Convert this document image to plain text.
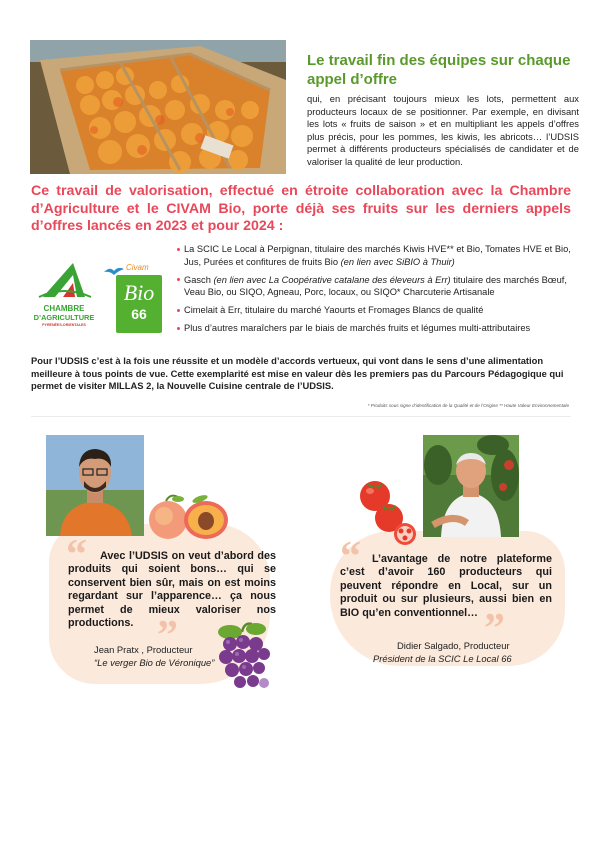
Le travail fin des équipes sur chaque appel d’offre
qui, en précisant toujours mieux les lots, permettent aux producteurs locaux de se positionner. Par exemple, en divisant les lots « fruits de saison » et en multipliant les appels d’offres plus précis, pour les pommes, les kiwis, les abricots… l’UDSIS permet à différents producteurs spécialisés de candidater et de valoriser la qualité de leur production.
Ce travail de valorisation, effectué en étroite collaboration avec la Chambre d’Agriculture et le CIVAM Bio, porte déjà ses fruits sur les derniers appels d’offres lancés en 2023 et pour 2024 :
CHAMBRE
D’AGRICULTURE
PYRÉNÉES-ORIENTALES
Civam
Bio
66
La SCIC Le Local à Perpignan, titulaire des marchés Kiwis HVE** et Bio, Tomates HVE et Bio, Jus, Purées et confitures de fruits Bio (en lien avec SiBIO à Thuir)
Gasch (en lien avec La Coopérative catalane des éleveurs à Err) titulaire des marchés Bœuf, Veau Bio, ou SIQO, Agneau, Porc, locaux, ou SIQO* Charcuterie Artisanale
Cimelait à Err, titulaire du marché Yaourts et Fromages Blancs de qualité
Plus d’autres maraîchers par le biais de marchés fruits et légumes multi-attributaires
Pour l’UDSIS c’est à la fois une réussite et un modèle d’accords vertueux, qui vont dans le sens d’une alimentation meilleure à tous points de vue. Cette exemplarité est mise en valeur dès les premiers pas du Parcours Pédagogique qui permet de visiter MILLAS 2, la Nouvelle Cuisine centrale de l’UDSIS.
* Produits sous signe d’identification de la Qualité et de l’Origine ** Haute Valeur Environnementale
“
”
“
”
Avec l’UDSIS on veut d’abord des produits qui soient bons… qui se conservent bien sûr, mais on est moins regardant sur l’apparence… ça nous permet de mieux valoriser nos productions.
Jean Pratx , Producteur
“Le verger Bio de Véronique”
L’avantage de notre plateforme c’est d’avoir 160 producteurs qui peuvent répondre en Local, sur un produit ou sur plusieurs, aussi bien en BIO qu’en conventionnel…
Didier Salgado, Producteur
Président de la SCIC Le Local 66
